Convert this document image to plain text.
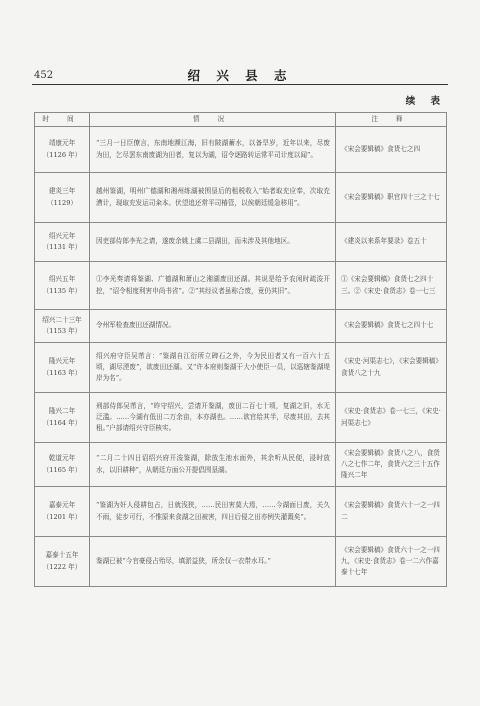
452	绍 兴 县 志
续 表
时 间	情 况	注 释

靖康元年
（1126 年）	“三月一日臣僚言，东南地濒江海，旧有陂湖蓄水，以备旱岁，近年以来，尽废为田，乞尽罢东南废湖为田者，复以为湖，诏令逐路转运常平司计度以闻”。	《宋会要辑稿》食货七之四

建炎三年
（1129）	越州鉴湖，明州广德湖和湘州练湖被围垦后的租税收入“始者取充应奉，次取充漕计，现取充发运司籴本。伏望追还常平司椿管，以俟朝廷缓急移用”。	《宋会要辑稿》职官四十三之十七

绍兴元年
（1131 年）	因吏部侍郎李光之请，遂废余姚上虞二县湖田，而未涉及其他地区。	《建炎以来系年要录》卷五十

绍兴五年
（1135 年）	①李光奏请将鉴湖、广德湖和萧山之湘湖废田还湖。其说是给予农闲时疏浚开挖，“诏令相度利害申尚书省”。②“其经议者虽称合废，竟仍其旧”。	①《宋会要辑稿》食货七之四十三。②《宋史·食货志》卷一七三

绍兴二十三年
（1153 年）	令州军检查废田还湖情况。	《宋会要辑稿》食货七之四十七

隆兴元年
（1163 年）	绍兴府守臣吴芾言：“鉴湖自江衍所立碑石之外，今为民田者又有一百六十五顷，湖尽湮废”，欲废田还湖。又“许本府则鉴湖干大小使臣一员，以巡辖鉴湖堤岸为名”。	《宋史·河渠志七》，《宋会要辑稿》食货八之十九

隆兴二年
（1164 年）	刑部侍郎吴芾言，“昨守绍兴，尝请开鉴湖，废田二百七十顷，复湖之旧，水无泛滥。……今湖有低田二万余亩，本亦湖也。……欲官给其半，尽废其田，去其租。”户部请绍兴守臣核实。	《宋史·食货志》卷一七三，《宋史·河渠志七》

乾道元年
（1165 年）	“二月二十四日诏绍兴府开浚鉴湖，除放生池水面外，其余听从民便，浸时放水，以旧耕种”，从朝廷方面公开提倡围垦湖。	《宋会要辑稿》食货八之八，食货八之七作二年，食货六之三十五作隆兴二年

嘉泰元年
（1201 年）	“鉴湖为奸人侵耕包占，日就浅狭，……民田害莫大焉，……今湖面日废，关久不雨，徒步可行，不惟原来食湖之田被害，四日后侵之田亦例失灌溉矣”。	《宋会要辑稿》食货六十一之一四二

嘉泰十五年
（1222 年）	鉴湖已被“今官豪侵占殆尽，填淤益狭，所余仅一衣带水耳。”	《宋会要辑稿》食货六十一之一四九，《宋史·食货志》卷一二六作嘉泰十七年
